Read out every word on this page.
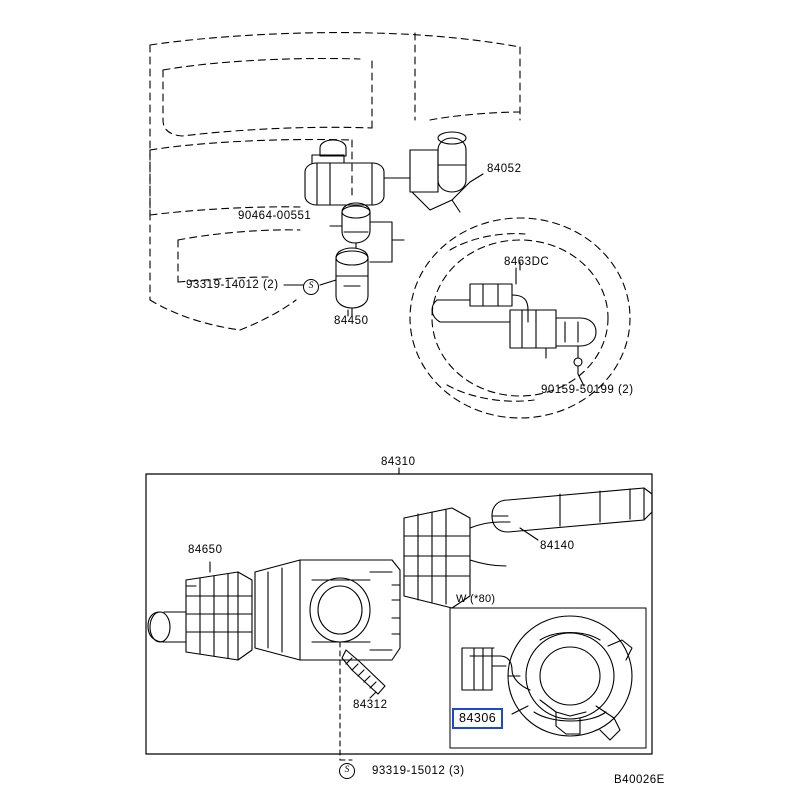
84052
90464-00551
93319-14012 (2)
84450
8463DC
90159-50199 (2)
S
84310
84650	84140
84312
W (*80)
93319-15012 (3)
S
84306
B40026E
